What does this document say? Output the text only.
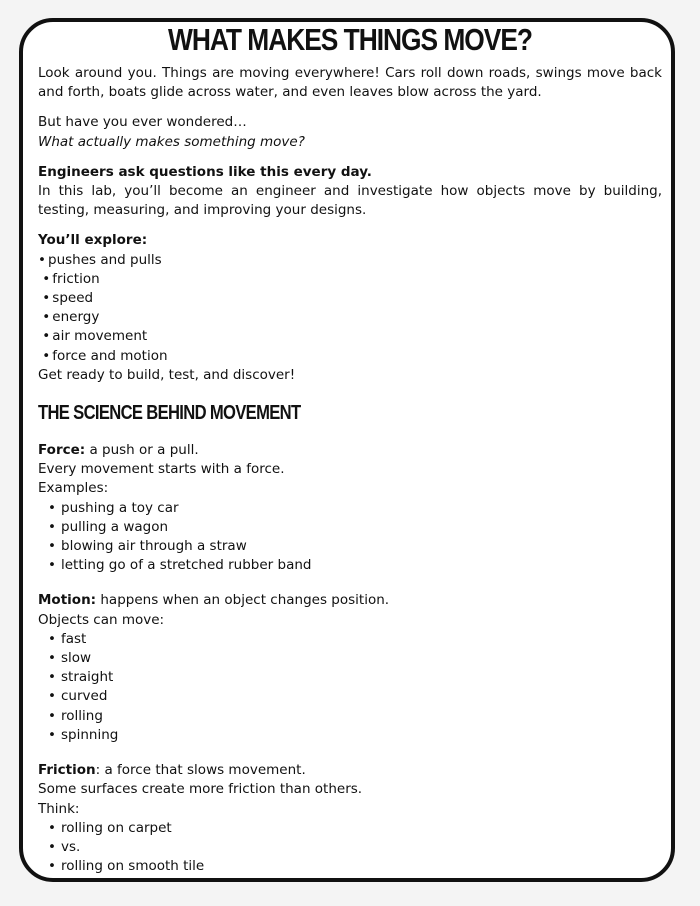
WHAT MAKES THINGS MOVE?

Look around you. Things are moving everywhere! Cars roll down roads, swings move back and forth, boats glide across water, and even leaves blow across the yard.

But have you ever wondered…

What actually makes something move?

Engineers ask questions like this every day.

In this lab, you’ll become an engineer and investigate how objects move by building, testing, measuring, and improving your designs.

You’ll explore:

• pushes and pulls
• friction
• speed
• energy
• air movement
• force and motion

Get ready to build, test, and discover!

THE SCIENCE BEHIND MOVEMENT

Force: a push or a pull.

Every movement starts with a force.

Examples:

• pushing a toy car
• pulling a wagon
• blowing air through a straw
• letting go of a stretched rubber band

Motion: happens when an object changes position.

Objects can move:

• fast
• slow
• straight
• curved
• rolling
• spinning

Friction: a force that slows movement.

Some surfaces create more friction than others.

Think:

• rolling on carpet
• vs.
• rolling on smooth tile
